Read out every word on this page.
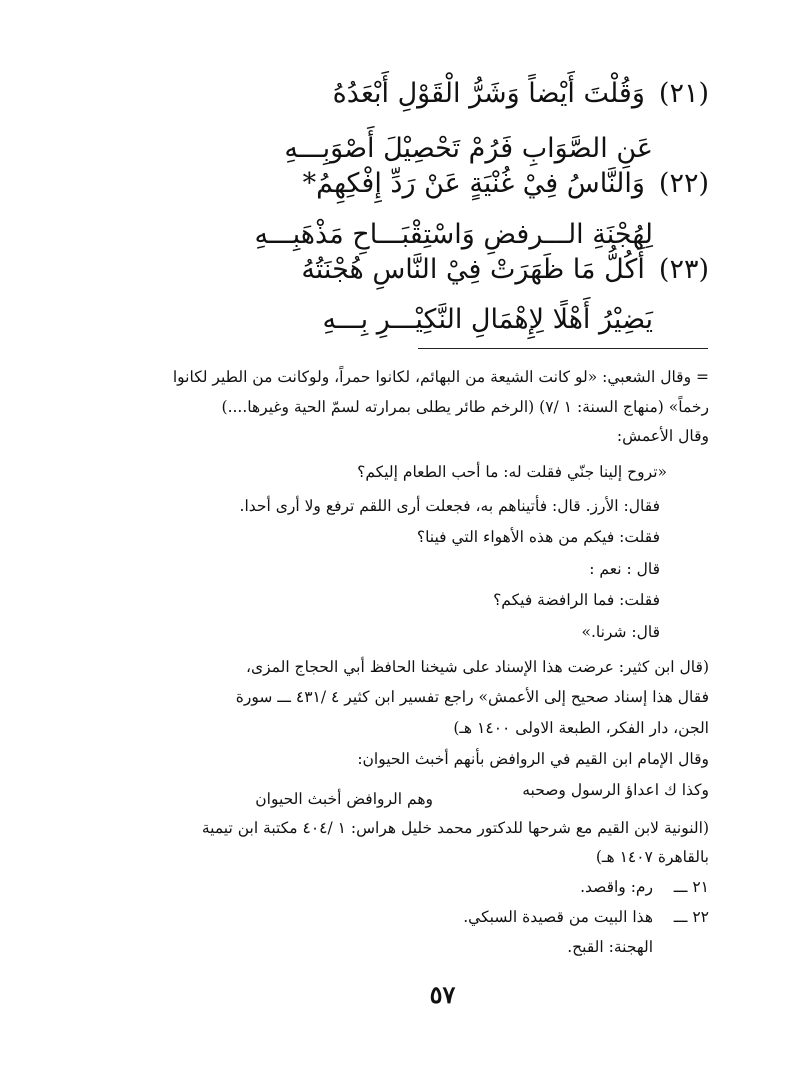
(٢١)وَقُلْتَ أَيْضاً وَشَرُّ الْقَوْلِ أَبْعَدُهُ
عَنِ الصَّوَابِ فَرُمْ تَحْصِيْلَ أَصْوَبِـــهِ
(٢٢)وَالنَّاسُ فِيْ غُنْيَةٍ عَنْ رَدِّ إِفْكِهِمُ*
لِهُجْنَةِ الـــرفضِ وَاسْتِقْبَـــاحِ مَذْهَبِـــهِ
(٢٣)أَكُلُّ مَا ظَهَرَتْ فِيْ النَّاسِ هُجْنَتُهُ
يَضِيْرُ أَهْلًا لِإِهْمَالِ النَّكِيْـــرِ بِـــهِ
= وقال الشعبي: «لو كانت الشيعة من البهائم، لكانوا حمراً، ولوكانت من الطير لكانوا
رخماً» (منهاج السنة: ١ /٧) (الرخم طائر يطلى بمرارته لسمّ الحية وغيرها....)
وقال الأعمش:
«تروح إلينا جنّي فقلت له: ما أحب الطعام إليكم؟
فقال: الأرز. قال: فأتيناهم به، فجعلت أرى اللقم ترفع ولا أرى أحدا.
فقلت: فيكم من هذه الأهواء التي فينا؟
قال : نعم :
فقلت: فما الرافضة فيكم؟
قال: شرنا.»
(قال ابن كثير: عرضت هذا الإسناد على شيخنا الحافظ أبي الحجاج المزى،
فقال هذا إسناد صحيح إلى الأعمش» راجع تفسير ابن كثير ٤ /٤٣١ ـــ سورة
الجن، دار الفكر، الطبعة الاولى ١٤٠٠ هـ)
وقال الإمام ابن القيم في الروافض بأنهم أخبث الحيوان:
وكذا ك اعداؤ الرسول وصحبه
وهم الروافض أخبث الحيوان
(النونية لابن القيم مع شرحها للدكتور محمد خليل هراس: ١ /٤٠٤ مكتبة ابن تيمية
بالقاهرة ١٤٠٧ هـ)
٢١ ـــرم: واقصد.
٢٢ ـــهذا البيت من قصيدة السبكي.
الهجنة: القبح.
٥٧
